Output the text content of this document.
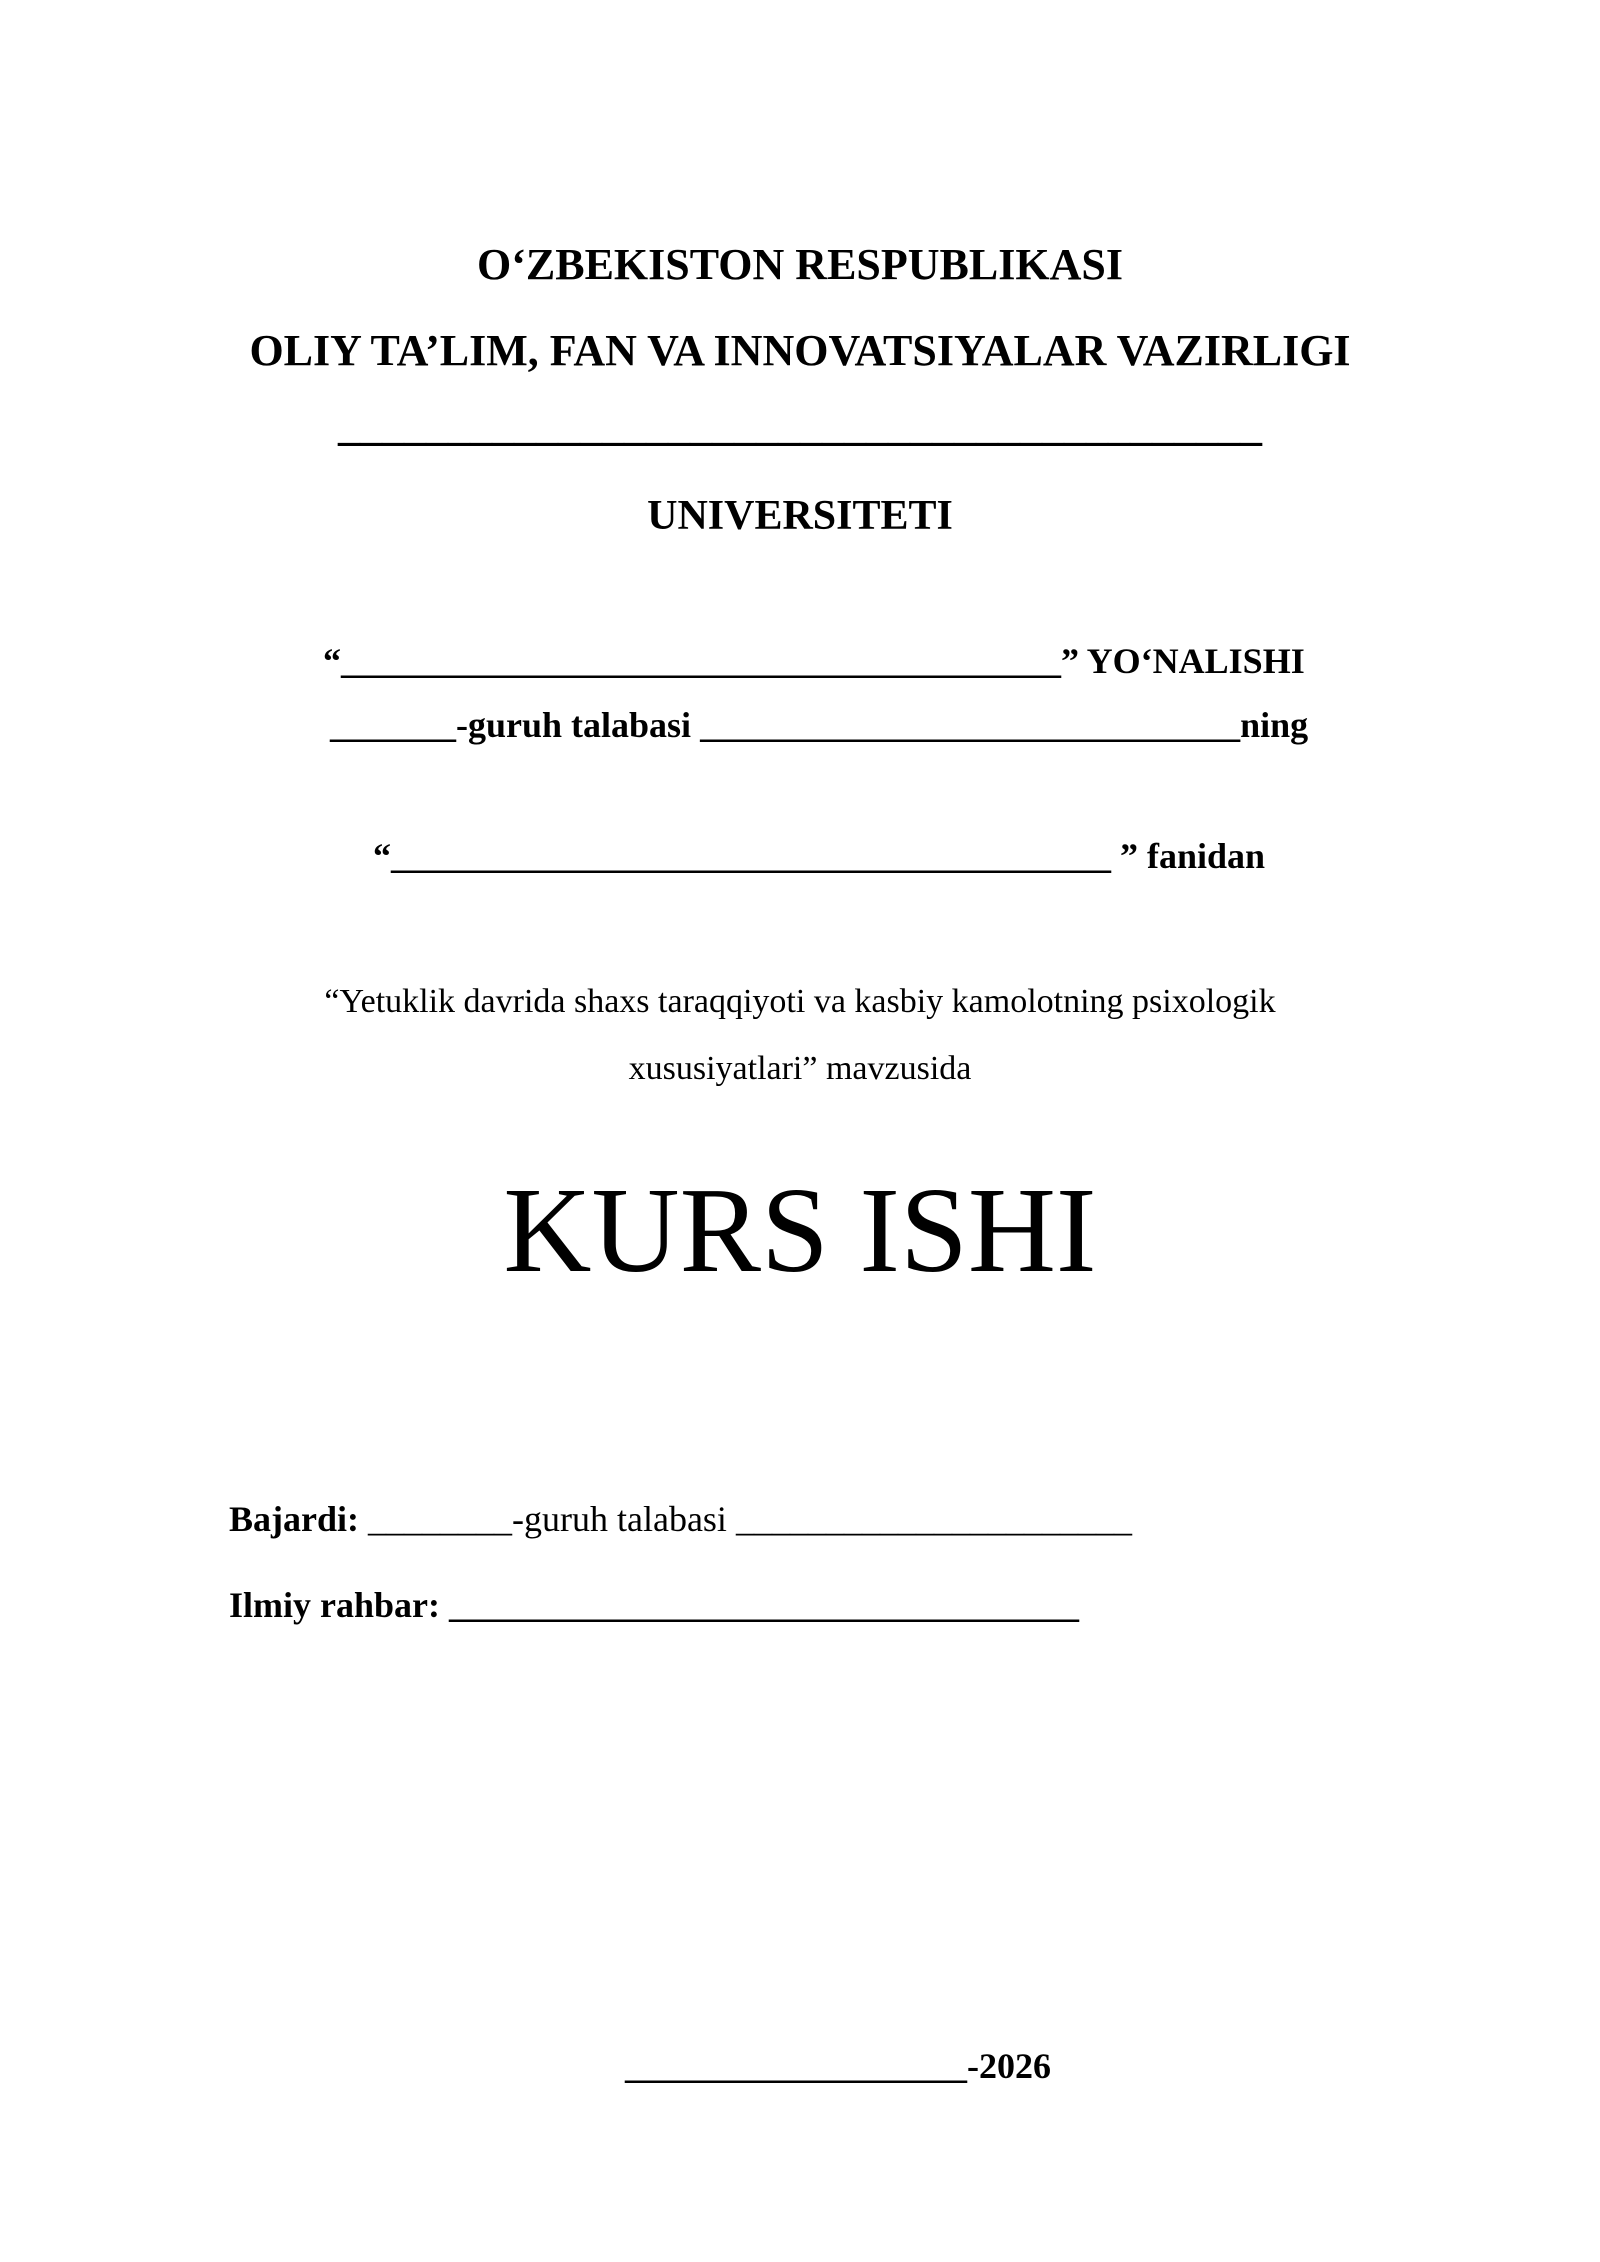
O‘ZBEKISTON RESPUBLIKASI
OLIY TA’LIM, FAN VA INNOVATSIYALAR VAZIRLIGI
__________________________________________
UNIVERSITETI
“________________________________________” YO‘NALISHI
_______-guruh talabasi ______________________________ning
“________________________________________ ” fanidan
“Yetuklik davrida shaxs taraqqiyoti va kasbiy kamolotning psixologik
xususiyatlari” mavzusida
KURS ISHI
Bajardi: ________-guruh talabasi ______________________
Ilmiy rahbar: ___________________________________
___________________-2026
